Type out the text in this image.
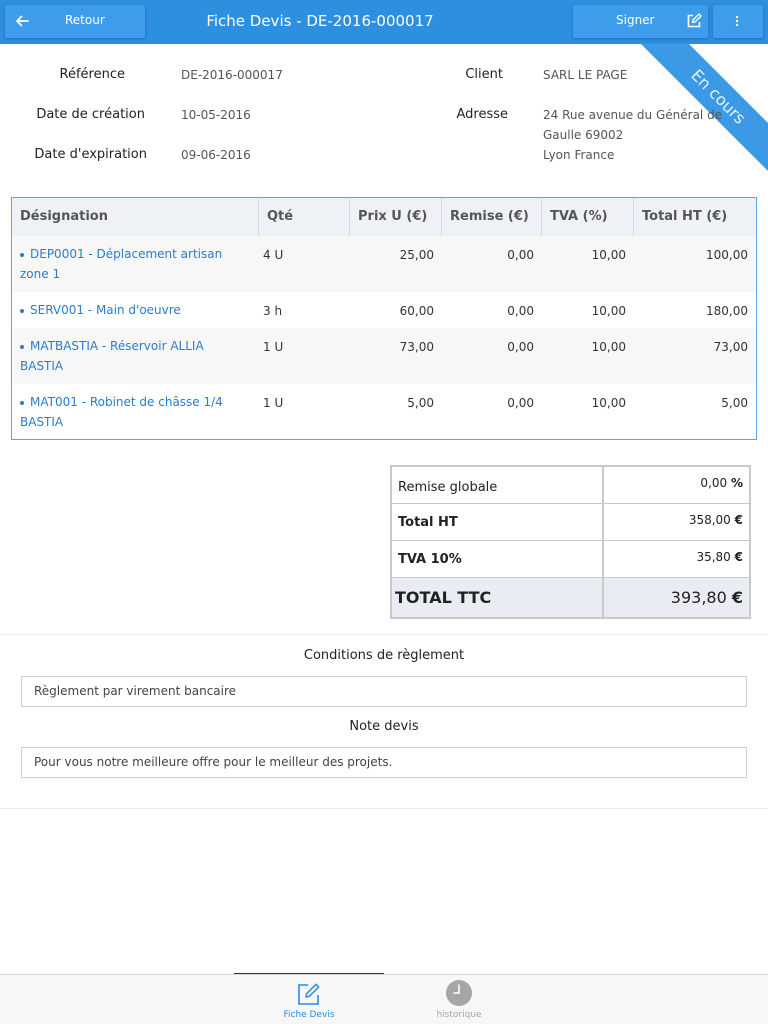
Retour	Fiche Devis - DE-2016-000017	Signer
En cours
Référence	DE-2016-000017
Date de création	10-05-2016
Date d'expiration	09-06-2016
Client	SARL LE PAGE
Adresse	24 Rue avenue du Général de
Gaulle 69002
Lyon France
Désignation	Qté	Prix U (€)	Remise (€)	TVA (%)	Total HT (€)
DEP0001 - Déplacement artisan
zone 1
4 U	25,00	0,00	10,00	100,00
SERV001 - Main d'oeuvre	3 h	60,00	0,00	10,00	180,00
MATBASTIA - Réservoir ALLIA
BASTIA
1 U	73,00	0,00	10,00	73,00
MAT001 - Robinet de châsse 1/4
BASTIA
1 U	5,00	0,00	10,00	5,00
Remise globale	0,00 %
Total HT	358,00 €
TVA 10%	35,80 €
TOTAL TTC	393,80 €
Conditions de règlement
Règlement par virement bancaire
Note devis
Pour vous notre meilleure offre pour le meilleur des projets.
Fiche Devis	historique
